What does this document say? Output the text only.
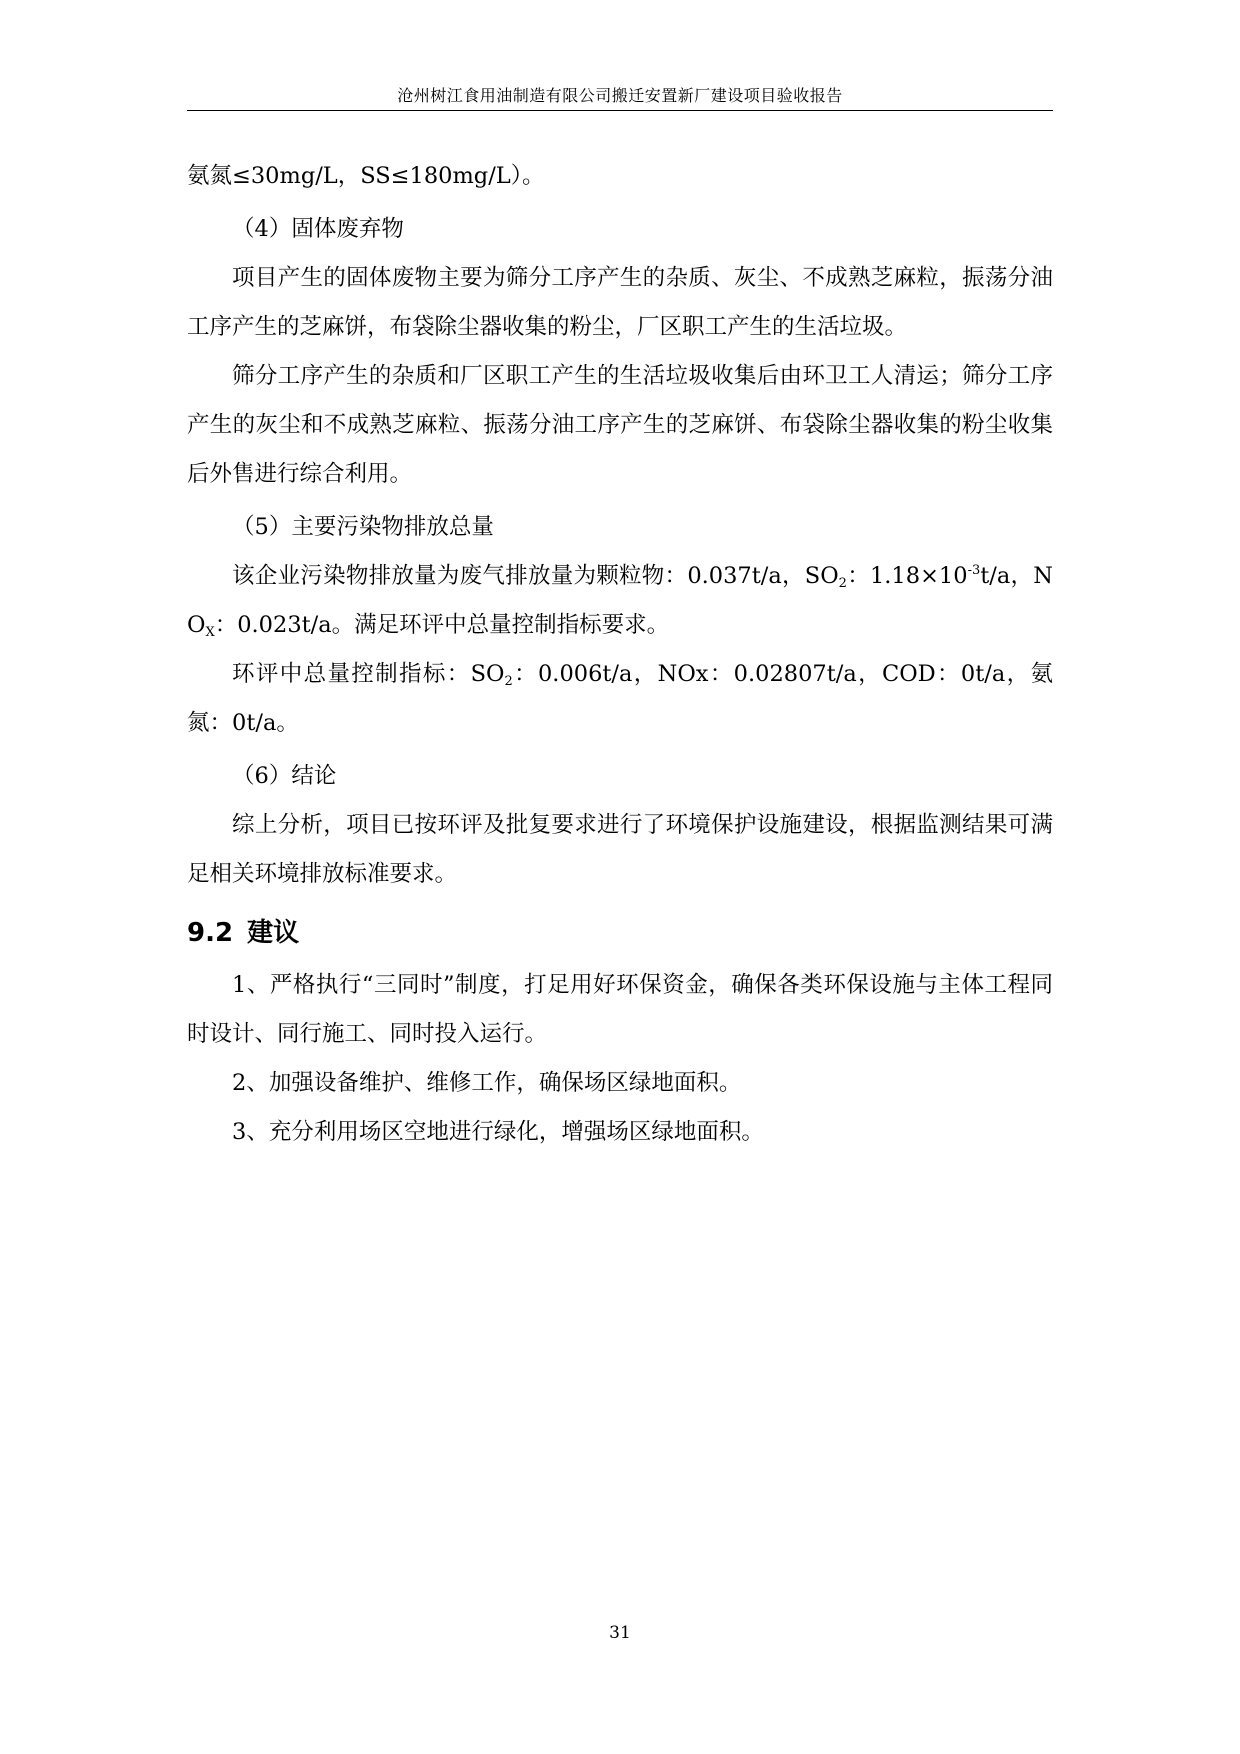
沧州树江食用油制造有限公司搬迁安置新厂建设项目验收报告

氨氮≤30mg/L，SS≤180mg/L）。

（4）固体废弃物

项目产生的固体废物主要为筛分工序产生的杂质、灰尘、不成熟芝麻粒，振荡分油工序产生的芝麻饼，布袋除尘器收集的粉尘，厂区职工产生的生活垃圾。

筛分工序产生的杂质和厂区职工产生的生活垃圾收集后由环卫工人清运；筛分工序产生的灰尘和不成熟芝麻粒、振荡分油工序产生的芝麻饼、布袋除尘器收集的粉尘收集后外售进行综合利用。

（5）主要污染物排放总量

该企业污染物排放量为废气排放量为颗粒物：0.037t/a，$SO_2$：$1.18\times 10^{-3}t/a$，$NO_X$：0.023t/a。满足环评中总量控制指标要求。

环评中总量控制指标：$SO_2$：0.006t/a，NOx：0.02807t/a，COD：0t/a，氨氮：0t/a。

（6）结论

综上分析，项目已按环评及批复要求进行了环境保护设施建设，根据监测结果可满足相关环境排放标准要求。

9.2 建议

1、严格执行“三同时”制度，打足用好环保资金，确保各类环保设施与主体工程同时设计、同行施工、同时投入运行。

2、加强设备维护、维修工作，确保场区绿地面积。

3、充分利用场区空地进行绿化，增强场区绿地面积。

31
